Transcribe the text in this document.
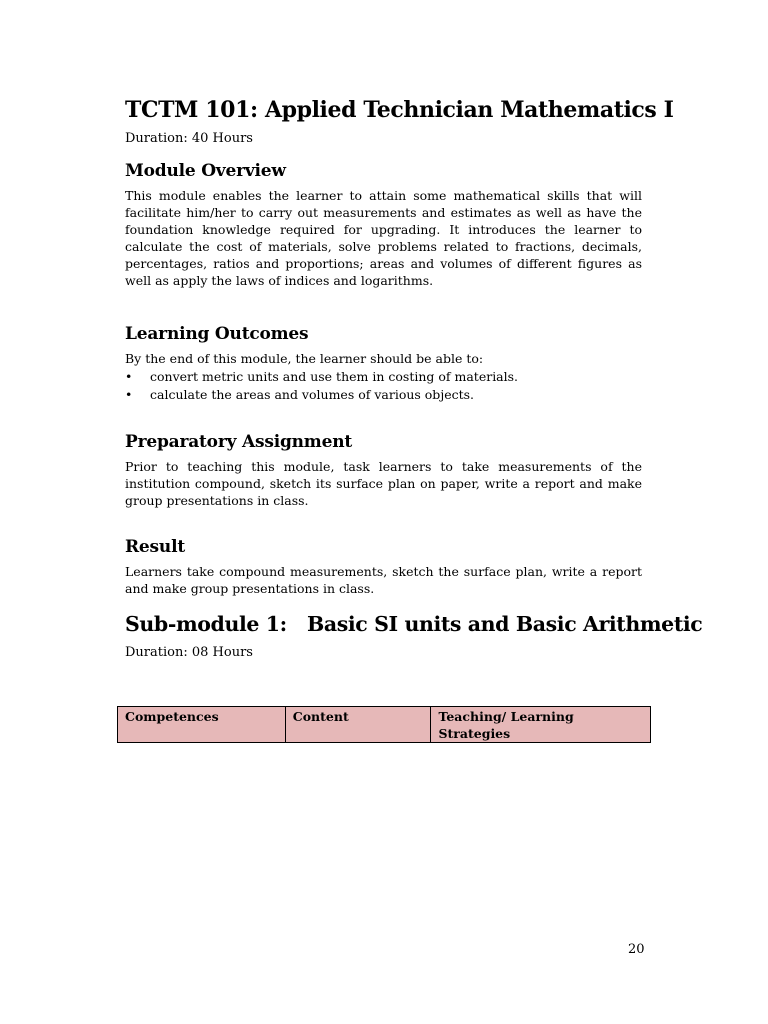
TCTM 101: Applied Technician Mathematics I
Duration: 40 Hours
Module Overview

This module enables the learner to attain some mathematical skills that will facilitate him/her to carry out measurements and estimates as well as have the foundation knowledge required for upgrading. It introduces the learner to calculate the cost of materials, solve problems related to fractions, decimals, percentages, ratios and proportions; areas and volumes of different figures as well as apply the laws of indices and logarithms.

Learning Outcomes

By the end of this module, the learner should be able to:

• convert metric units and use them in costing of materials.
• calculate the areas and volumes of various objects.
Preparatory Assignment

Prior to teaching this module, task learners to take measurements of the institution compound, sketch its surface plan on paper, write a report and make group presentations in class.

Result

Learners take compound measurements, sketch the surface plan, write a report and make group presentations in class.

Sub-module 1:   Basic SI units and Basic Arithmetic
Duration: 08 Hours
Competences	Content	Teaching/ Learning Strategies
20
